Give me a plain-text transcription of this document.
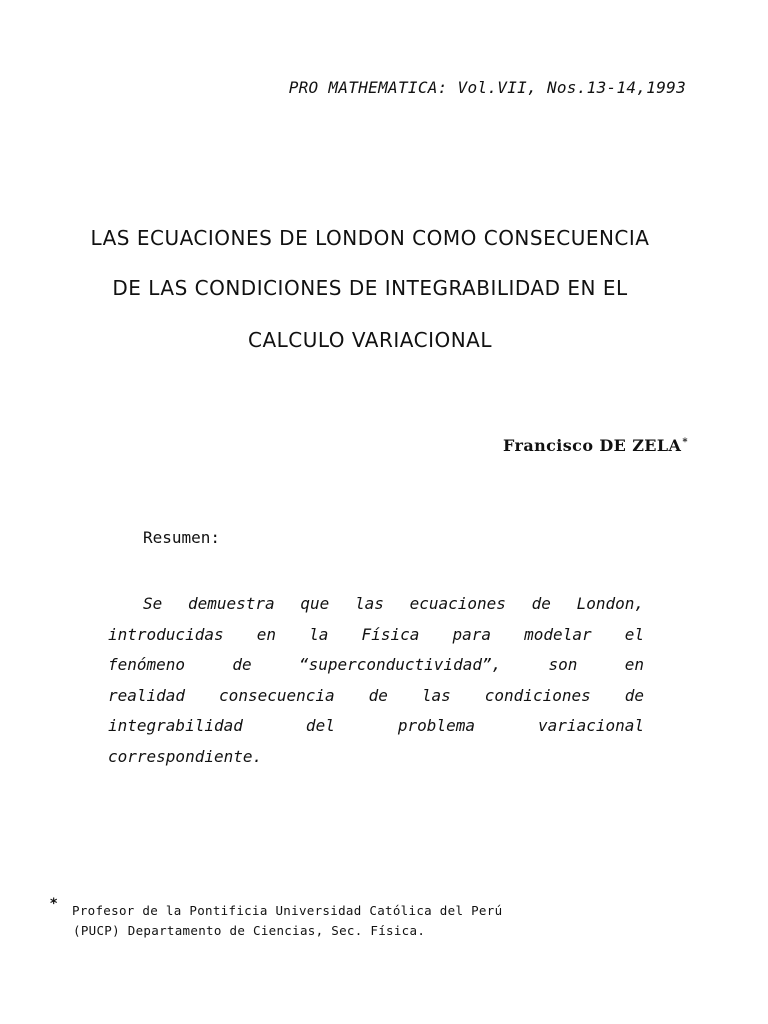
PRO MATHEMATICA: Vol.VII, Nos.13-14,1993
LAS ECUACIONES DE LONDON COMO CONSECUENCIA
DE LAS CONDICIONES DE INTEGRABILIDAD EN EL
CALCULO VARIACIONAL
Francisco DE ZELA*
Resumen:
Se demuestra que las ecuaciones de London,
introducidas en la Física para modelar el
fenómeno de “superconductividad”, son en
realidad consecuencia de las condiciones de
integrabilidad del problema variacional
correspondiente.
* Profesor de la Pontificia Universidad Católica del Perú
(PUCP) Departamento de Ciencias, Sec. Física.
